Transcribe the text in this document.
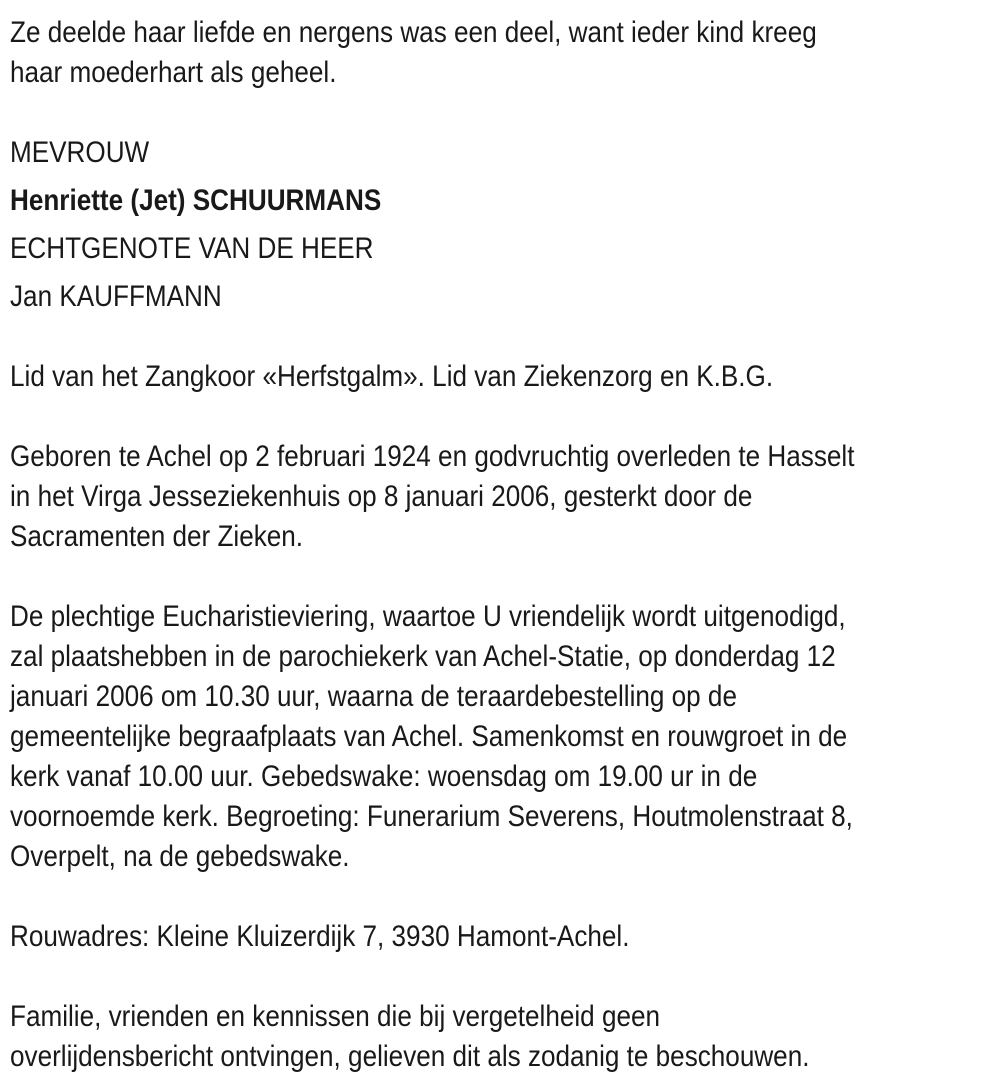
Ze deelde haar liefde en nergens was een deel, want ieder kind kreeg
haar moederhart als geheel.
MEVROUW
Henriette (Jet) SCHUURMANS
ECHTGENOTE VAN DE HEER
Jan KAUFFMANN
Lid van het Zangkoor «Herfstgalm». Lid van Ziekenzorg en K.B.G.
Geboren te Achel op 2 februari 1924 en godvruchtig overleden te Hasselt
in het Virga Jesseziekenhuis op 8 januari 2006, gesterkt door de
Sacramenten der Zieken.
De plechtige Eucharistieviering, waartoe U vriendelijk wordt uitgenodigd,
zal plaatshebben in de parochiekerk van Achel-Statie, op donderdag 12
januari 2006 om 10.30 uur, waarna de teraardebestelling op de
gemeentelijke begraafplaats van Achel. Samenkomst en rouwgroet in de
kerk vanaf 10.00 uur. Gebedswake: woensdag om 19.00 ur in de
voornoemde kerk. Begroeting: Funerarium Severens, Houtmolenstraat 8,
Overpelt, na de gebedswake.
Rouwadres: Kleine Kluizerdijk 7, 3930 Hamont-Achel.
Familie, vrienden en kennissen die bij vergetelheid geen
overlijdensbericht ontvingen, gelieven dit als zodanig te beschouwen.
